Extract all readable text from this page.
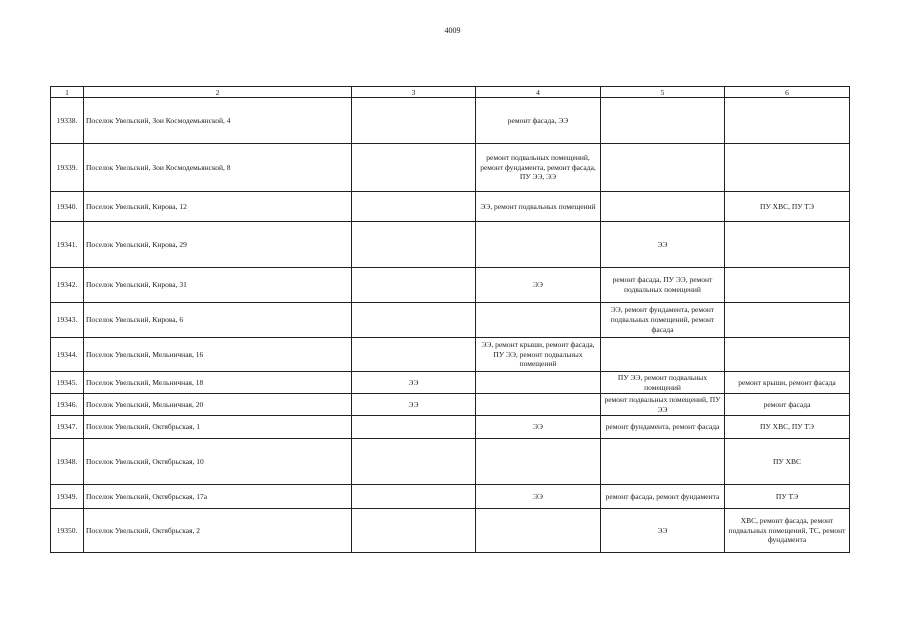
4009
1	2	3	4	5	6
19338.	Поселок Увельский, Зои Космодемьянской, 4		ремонт фасада, ЭЭ		
19339.	Поселок Увельский, Зои Космодемьянской, 8		ремонт подвальных помещений, ремонт фундамента, ремонт фасада, ПУ ЭЭ, ЭЭ		
19340.	Поселок Увельский, Кирова, 12		ЭЭ, ремонт подвальных помещений		ПУ ХВС, ПУ ТЭ
19341.	Поселок Увельский, Кирова, 29			ЭЭ	
19342.	Поселок Увельский, Кирова, 31		ЭЭ	ремонт фасада, ПУ ЭЭ, ремонт подвальных помещений	
19343.	Поселок Увельский, Кирова, 6			ЭЭ, ремонт фундамента, ремонт подвальных помещений, ремонт фасада	
19344.	Поселок Увельский, Мельничная, 16		ЭЭ, ремонт крыши, ремонт фасада, ПУ ЭЭ, ремонт подвальных помещений		
19345.	Поселок Увельский, Мельничная, 18	ЭЭ		ПУ ЭЭ, ремонт подвальных помещений	ремонт крыши, ремонт фасада
19346.	Поселок Увельский, Мельничная, 20	ЭЭ		ремонт подвальных помещений, ПУ ЭЭ	ремонт фасада
19347.	Поселок Увельский, Октябрьская, 1		ЭЭ	ремонт фундамента, ремонт фасада	ПУ ХВС, ПУ ТЭ
19348.	Поселок Увельский, Октябрьская, 10				ПУ ХВС
19349.	Поселок Увельский, Октябрьская, 17а		ЭЭ	ремонт фасада, ремонт фундамента	ПУ ТЭ
19350.	Поселок Увельский, Октябрьская, 2			ЭЭ	ХВС, ремонт фасада, ремонт подвальных помещений, ТС, ремонт фундамента
